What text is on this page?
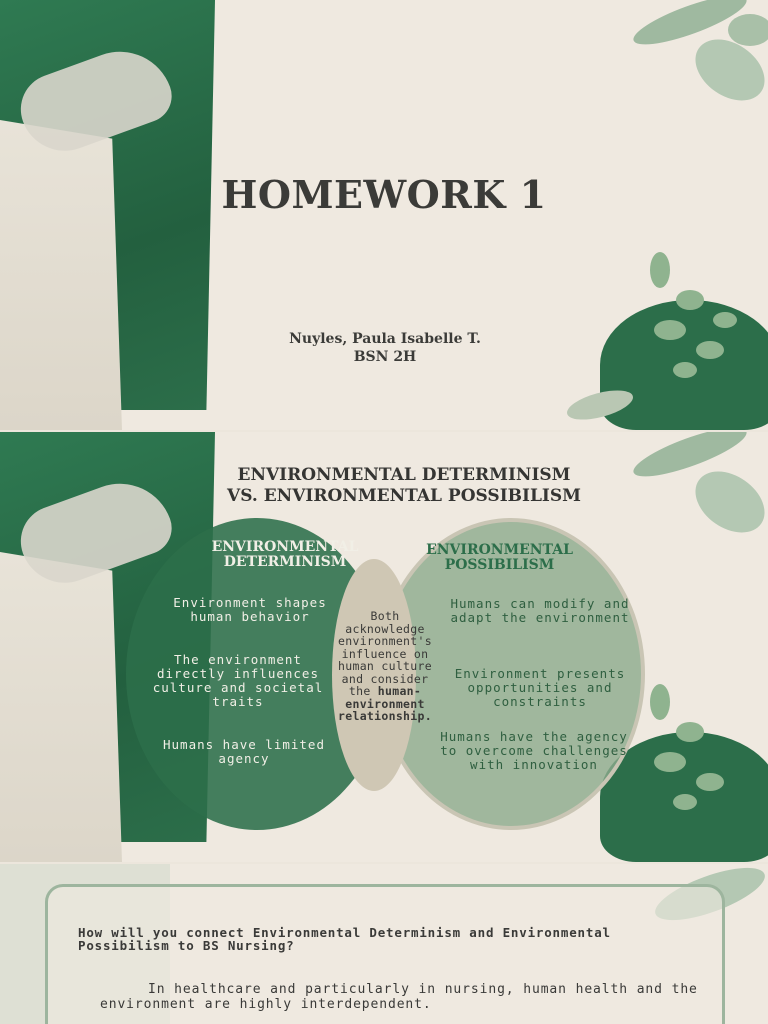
HOMEWORK 1
Nuyles, Paula Isabelle T.
BSN 2H
ENVIRONMENTAL DETERMINISM
VS. ENVIRONMENTAL POSSIBILISM
ENVIRONMENTAL
DETERMINISM
Environment shapes human behavior
The environment directly influences culture and societal traits
Humans have limited agency
Both acknowledge environment's influence on human culture and consider the human-environment relationship.
ENVIRONMENTAL
POSSIBILISM
Humans can modify and adapt the environment
Environment presents opportunities and constraints
Humans have the agency to overcome challenges with innovation
How will you connect Environmental Determinism and Environmental Possibilism to BS Nursing?
In healthcare and particularly in nursing, human health and the environment are highly interdependent.
